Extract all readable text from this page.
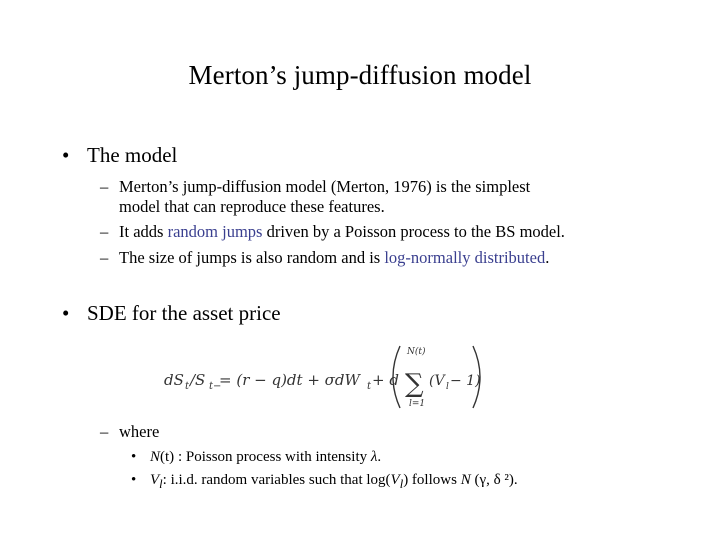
Merton’s jump-diffusion model
• The model
– Merton’s jump-diffusion model (Merton, 1976) is the simplest
model that can reproduce these features.
– It adds random jumps driven by a Poisson process to the BS model.
– The size of jumps is also random and is log-normally distributed.
• SDE for the asset price
dS t /S t−
= (r − q)dt + σdW t + d
N(t)
∑
l=1
(V l − 1)
– where
• N(t) : Poisson process with intensity λ.
• $V_l$: i.i.d. random variables such that $\log(V_l)$ follows N (γ, δ ²).
